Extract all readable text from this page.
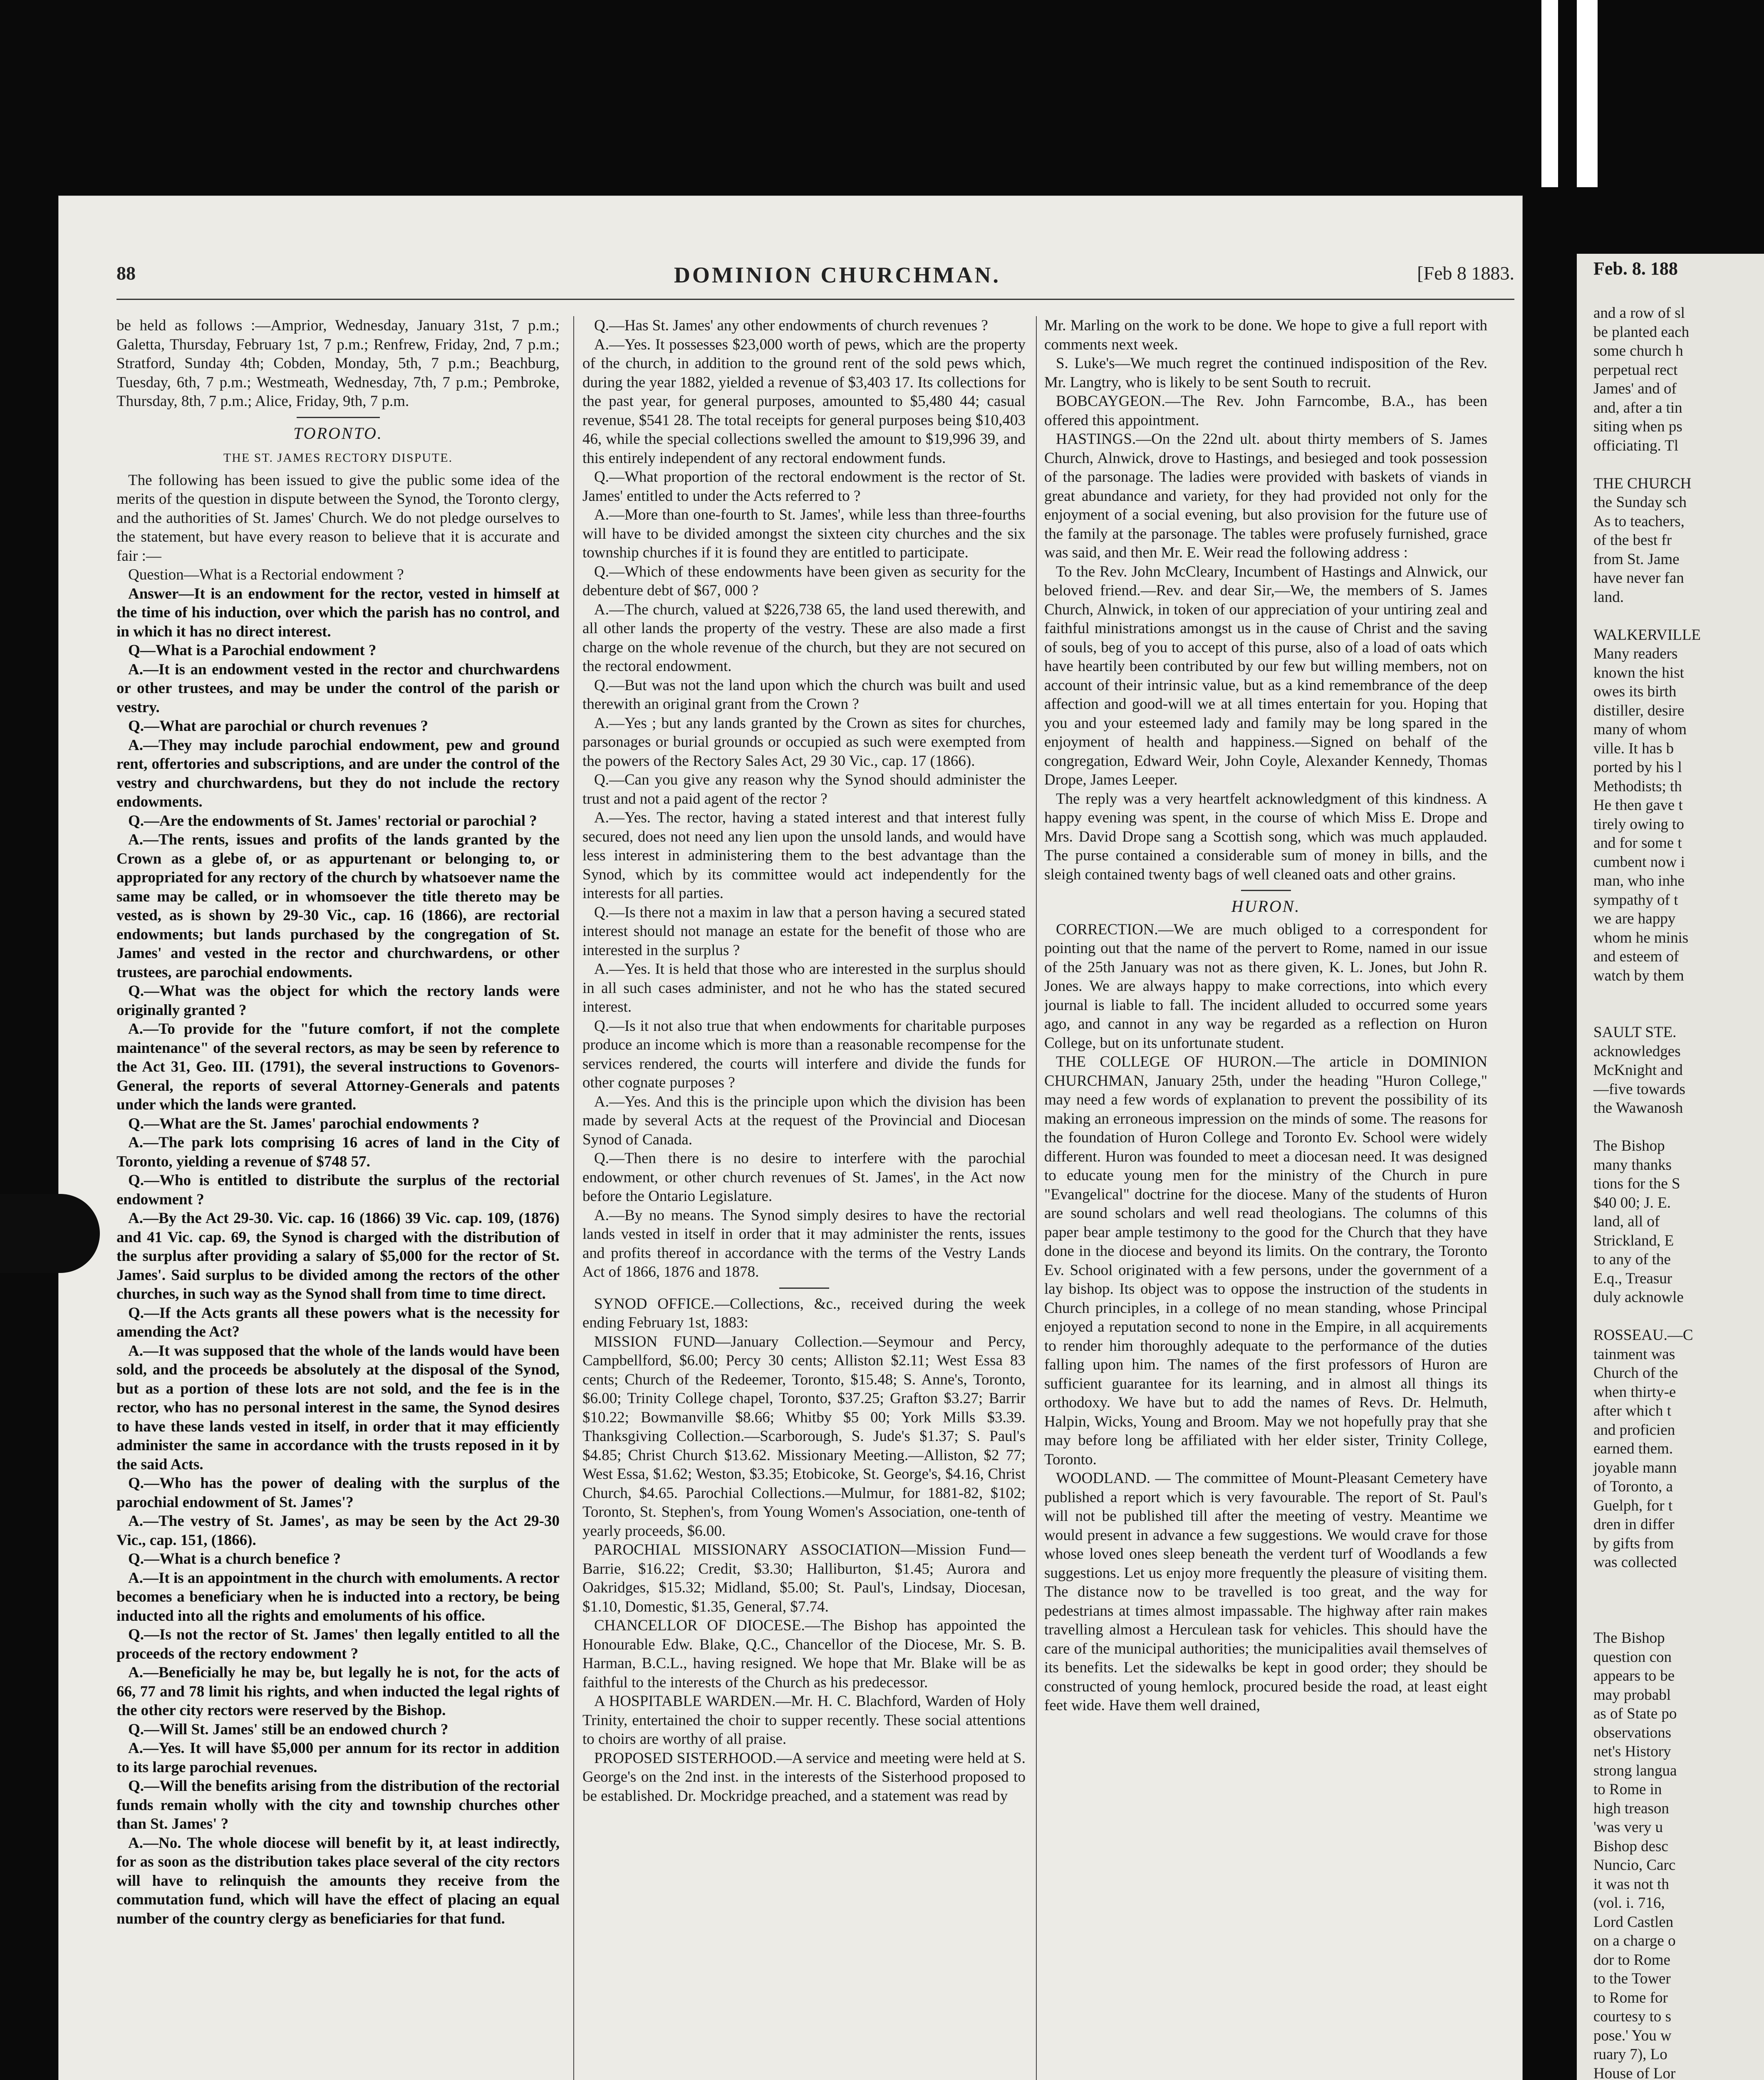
88	DOMINION CHURCHMAN.	[Feb 8 1883.

be held as follows :—Amprior, Wednesday, January 31st, 7 p.m.; Galetta, Thursday, February 1st, 7 p.m.; Renfrew, Friday, 2nd, 7 p.m.; Stratford, Sunday 4th; Cobden, Monday, 5th, 7 p.m.; Beachburg, Tuesday, 6th, 7 p.m.; Westmeath, Wednesday, 7th, 7 p.m.; Pembroke, Thursday, 8th, 7 p.m.; Alice, Friday, 9th, 7 p.m.

TORONTO.
THE ST. JAMES RECTORY DISPUTE.

The following has been issued to give the public some idea of the merits of the question in dispute between the Synod, the Toronto clergy, and the authorities of St. James' Church. We do not pledge ourselves to the statement, but have every reason to believe that it is accurate and fair :—

Question—What is a Rectorial endowment ?

Answer—It is an endowment for the rector, vested in himself at the time of his induction, over which the parish has no control, and in which it has no direct interest.

Q—What is a Parochial endowment ?

A.—It is an endowment vested in the rector and churchwardens or other trustees, and may be under the control of the parish or vestry.

Q.—What are parochial or church revenues ?

A.—They may include parochial endowment, pew and ground rent, offertories and subscriptions, and are under the control of the vestry and churchwardens, but they do not include the rectory endowments.

Q.—Are the endowments of St. James' rectorial or parochial ?

A.—The rents, issues and profits of the lands granted by the Crown as a glebe of, or as appurtenant or belonging to, or appropriated for any rectory of the church by whatsoever name the same may be called, or in whomsoever the title thereto may be vested, as is shown by 29-30 Vic., cap. 16 (1866), are rectorial endowments; but lands purchased by the congregation of St. James' and vested in the rector and churchwardens, or other trustees, are parochial endowments.

Q.—What was the object for which the rectory lands were originally granted ?

A.—To provide for the "future comfort, if not the complete maintenance" of the several rectors, as may be seen by reference to the Act 31, Geo. III. (1791), the several instructions to Govenors-General, the reports of several Attorney-Generals and patents under which the lands were granted.

Q.—What are the St. James' parochial endowments ?

A.—The park lots comprising 16 acres of land in the City of Toronto, yielding a revenue of $748 57.

Q.—Who is entitled to distribute the surplus of the rectorial endowment ?

A.—By the Act 29-30. Vic. cap. 16 (1866) 39 Vic. cap. 109, (1876) and 41 Vic. cap. 69, the Synod is charged with the distribution of the surplus after providing a salary of $5,000 for the rector of St. James'. Said surplus to be divided among the rectors of the other churches, in such way as the Synod shall from time to time direct.

Q.—If the Acts grants all these powers what is the necessity for amending the Act?

A.—It was supposed that the whole of the lands would have been sold, and the proceeds be absolutely at the disposal of the Synod, but as a portion of these lots are not sold, and the fee is in the rector, who has no personal interest in the same, the Synod desires to have these lands vested in itself, in order that it may efficiently administer the same in accordance with the trusts reposed in it by the said Acts.

Q.—Who has the power of dealing with the surplus of the parochial endowment of St. James'?

A.—The vestry of St. James', as may be seen by the Act 29-30 Vic., cap. 151, (1866).

Q.—What is a church benefice ?

A.—It is an appointment in the church with emoluments. A rector becomes a beneficiary when he is inducted into a rectory, be being inducted into all the rights and emoluments of his office.

Q.—Is not the rector of St. James' then legally entitled to all the proceeds of the rectory endowment ?

A.—Beneficially he may be, but legally he is not, for the acts of 66, 77 and 78 limit his rights, and when inducted the legal rights of the other city rectors were reserved by the Bishop.

Q.—Will St. James' still be an endowed church ?

A.—Yes. It will have $5,000 per annum for its rector in addition to its large parochial revenues.

Q.—Will the benefits arising from the distribution of the rectorial funds remain wholly with the city and township churches other than St. James' ?

A.—No. The whole diocese will benefit by it, at least indirectly, for as soon as the distribution takes place several of the city rectors will have to relinquish the amounts they receive from the commutation fund, which will have the effect of placing an equal number of the country clergy as beneficiaries for that fund.

Q.—Has St. James' any other endowments of church revenues ?

A.—Yes. It possesses $23,000 worth of pews, which are the property of the church, in addition to the ground rent of the sold pews which, during the year 1882, yielded a revenue of $3,403 17. Its collections for the past year, for general purposes, amounted to $5,480 44; casual revenue, $541 28. The total receipts for general purposes being $10,403 46, while the special collections swelled the amount to $19,996 39, and this entirely independent of any rectoral endowment funds.

Q.—What proportion of the rectoral endowment is the rector of St. James' entitled to under the Acts referred to ?

A.—More than one-fourth to St. James', while less than three-fourths will have to be divided amongst the sixteen city churches and the six township churches if it is found they are entitled to participate.

Q.—Which of these endowments have been given as security for the debenture debt of $67, 000 ?

A.—The church, valued at $226,738 65, the land used therewith, and all other lands the property of the vestry. These are also made a first charge on the whole revenue of the church, but they are not secured on the rectoral endowment.

Q.—But was not the land upon which the church was built and used therewith an original grant from the Crown ?

A.—Yes ; but any lands granted by the Crown as sites for churches, parsonages or burial grounds or occupied as such were exempted from the powers of the Rectory Sales Act, 29 30 Vic., cap. 17 (1866).

Q.—Can you give any reason why the Synod should administer the trust and not a paid agent of the rector ?

A.—Yes. The rector, having a stated interest and that interest fully secured, does not need any lien upon the unsold lands, and would have less interest in administering them to the best advantage than the Synod, which by its committee would act independently for the interests for all parties.

Q.—Is there not a maxim in law that a person having a secured stated interest should not manage an estate for the benefit of those who are interested in the surplus ?

A.—Yes. It is held that those who are interested in the surplus should in all such cases administer, and not he who has the stated secured interest.

Q.—Is it not also true that when endowments for charitable purposes produce an income which is more than a reasonable recompense for the services rendered, the courts will interfere and divide the funds for other cognate purposes ?

A.—Yes. And this is the principle upon which the division has been made by several Acts at the request of the Provincial and Diocesan Synod of Canada.

Q.—Then there is no desire to interfere with the parochial endowment, or other church revenues of St. James', in the Act now before the Ontario Legislature.

A.—By no means. The Synod simply desires to have the rectorial lands vested in itself in order that it may administer the rents, issues and profits thereof in accordance with the terms of the Vestry Lands Act of 1866, 1876 and 1878.

SYNOD OFFICE.—Collections, &c., received during the week ending February 1st, 1883:

MISSION FUND—January Collection.—Seymour and Percy, Campbellford, $6.00; Percy 30 cents; Alliston $2.11; West Essa 83 cents; Church of the Redeemer, Toronto, $15.48; S. Anne's, Toronto, $6.00; Trinity College chapel, Toronto, $37.25; Grafton $3.27; Barrir $10.22; Bowmanville $8.66; Whitby $5 00; York Mills $3.39. Thanksgiving Collection.—Scarborough, S. Jude's $1.37; S. Paul's $4.85; Christ Church $13.62. Missionary Meeting.—Alliston, $2 77; West Essa, $1.62; Weston, $3.35; Etobicoke, St. George's, $4.16, Christ Church, $4.65. Parochial Collections.—Mulmur, for 1881-82, $102; Toronto, St. Stephen's, from Young Women's Association, one-tenth of yearly proceeds, $6.00.

PAROCHIAL MISSIONARY ASSOCIATION—Mission Fund—Barrie, $16.22; Credit, $3.30; Halliburton, $1.45; Aurora and Oakridges, $15.32; Midland, $5.00; St. Paul's, Lindsay, Diocesan, $1.10, Domestic, $1.35, General, $7.74.

CHANCELLOR OF DIOCESE.—The Bishop has appointed the Honourable Edw. Blake, Q.C., Chancellor of the Diocese, Mr. S. B. Harman, B.C.L., having resigned. We hope that Mr. Blake will be as faithful to the interests of the Church as his predecessor.

A HOSPITABLE WARDEN.—Mr. H. C. Blachford, Warden of Holy Trinity, entertained the choir to supper recently. These social attentions to choirs are worthy of all praise.

PROPOSED SISTERHOOD.—A service and meeting were held at S. George's on the 2nd inst. in the interests of the Sisterhood proposed to be established. Dr. Mockridge preached, and a statement was read by

Mr. Marling on the work to be done. We hope to give a full report with comments next week.

S. Luke's—We much regret the continued indisposition of the Rev. Mr. Langtry, who is likely to be sent South to recruit.

BOBCAYGEON.—The Rev. John Farncombe, B.A., has been offered this appointment.

HASTINGS.—On the 22nd ult. about thirty members of S. James Church, Alnwick, drove to Hastings, and besieged and took possession of the parsonage. The ladies were provided with baskets of viands in great abundance and variety, for they had provided not only for the enjoyment of a social evening, but also provision for the future use of the family at the parsonage. The tables were profusely furnished, grace was said, and then Mr. E. Weir read the following address :

To the Rev. John McCleary, Incumbent of Hastings and Alnwick, our beloved friend.—Rev. and dear Sir,—We, the members of S. James Church, Alnwick, in token of our appreciation of your untiring zeal and faithful ministrations amongst us in the cause of Christ and the saving of souls, beg of you to accept of this purse, also of a load of oats which have heartily been contributed by our few but willing members, not on account of their intrinsic value, but as a kind remembrance of the deep affection and good-will we at all times entertain for you. Hoping that you and your esteemed lady and family may be long spared in the enjoyment of health and happiness.—Signed on behalf of the congregation, Edward Weir, John Coyle, Alexander Kennedy, Thomas Drope, James Leeper.

The reply was a very heartfelt acknowledgment of this kindness. A happy evening was spent, in the course of which Miss E. Drope and Mrs. David Drope sang a Scottish song, which was much applauded. The purse contained a considerable sum of money in bills, and the sleigh contained twenty bags of well cleaned oats and other grains.

HURON.

CORRECTION.—We are much obliged to a correspondent for pointing out that the name of the pervert to Rome, named in our issue of the 25th January was not as there given, K. L. Jones, but John R. Jones. We are always happy to make corrections, into which every journal is liable to fall. The incident alluded to occurred some years ago, and cannot in any way be regarded as a reflection on Huron College, but on its unfortunate student.

THE COLLEGE OF HURON.—The article in DOMINION CHURCHMAN, January 25th, under the heading "Huron College," may need a few words of explanation to prevent the possibility of its making an erroneous impression on the minds of some. The reasons for the foundation of Huron College and Toronto Ev. School were widely different. Huron was founded to meet a diocesan need. It was designed to educate young men for the ministry of the Church in pure "Evangelical" doctrine for the diocese. Many of the students of Huron are sound scholars and well read theologians. The columns of this paper bear ample testimony to the good for the Church that they have done in the diocese and beyond its limits. On the contrary, the Toronto Ev. School originated with a few persons, under the government of a lay bishop. Its object was to oppose the instruction of the students in Church principles, in a college of no mean standing, whose Principal enjoyed a reputation second to none in the Empire, in all acquirements to render him thoroughly adequate to the performance of the duties falling upon him. The names of the first professors of Huron are sufficient guarantee for its learning, and in almost all things its orthodoxy. We have but to add the names of Revs. Dr. Helmuth, Halpin, Wicks, Young and Broom. May we not hopefully pray that she may before long be affiliated with her elder sister, Trinity College, Toronto.

WOODLAND. — The committee of Mount-Pleasant Cemetery have published a report which is very favourable. The report of St. Paul's will not be published till after the meeting of vestry. Meantime we would present in advance a few suggestions. We would crave for those whose loved ones sleep beneath the verdent turf of Woodlands a few suggestions. Let us enjoy more frequently the pleasure of visiting them. The distance now to be travelled is too great, and the way for pedestrians at times almost impassable. The highway after rain makes travelling almost a Herculean task for vehicles. This should have the care of the municipal authorities; the municipalities avail themselves of its benefits. Let the sidewalks be kept in good order; they should be constructed of young hemlock, procured beside the road, at least eight feet wide. Have them well drained,

Feb. 8. 188

and a row of sl

be planted each

some church h

perpetual rect

James' and of

and, after a tin

siting when ps

officiating. Tl

THE CHURCH

the Sunday sch

As to teachers,

of the best fr

from St. Jame

have never fan

land.

WALKERVILLE

Many readers

known the hist

owes its birth

distiller, desire

many of whom

ville. It has b

ported by his l

Methodists; th

He then gave t

tirely owing to

and for some t

cumbent now i

man, who inhe

sympathy of t

we are happy

whom he minis

and esteem of

watch by them

SAULT STE.

acknowledges

McKnight and

—five towards

the Wawanosh

The Bishop

many thanks

tions for the S

$40 00; J. E.

land, all of

Strickland, E

to any of the

E.q., Treasur

duly acknowle

ROSSEAU.—C

tainment was

Church of the

when thirty-e

after which t

and proficien

earned them.

joyable mann

of Toronto, a

Guelph, for t

dren in differ

by gifts from

was collected

The Bishop

question con

appears to be

may probabl

as of State po

observations

net's History

strong langua

to Rome in

high treason

'was very u

Bishop desc

Nuncio, Carc

it was not th

(vol. i. 716,

Lord Castlen

on a charge o

dor to Rome

to the Tower

to Rome for

courtesy to s

pose.' You w

ruary 7), Lo

House of Lor
